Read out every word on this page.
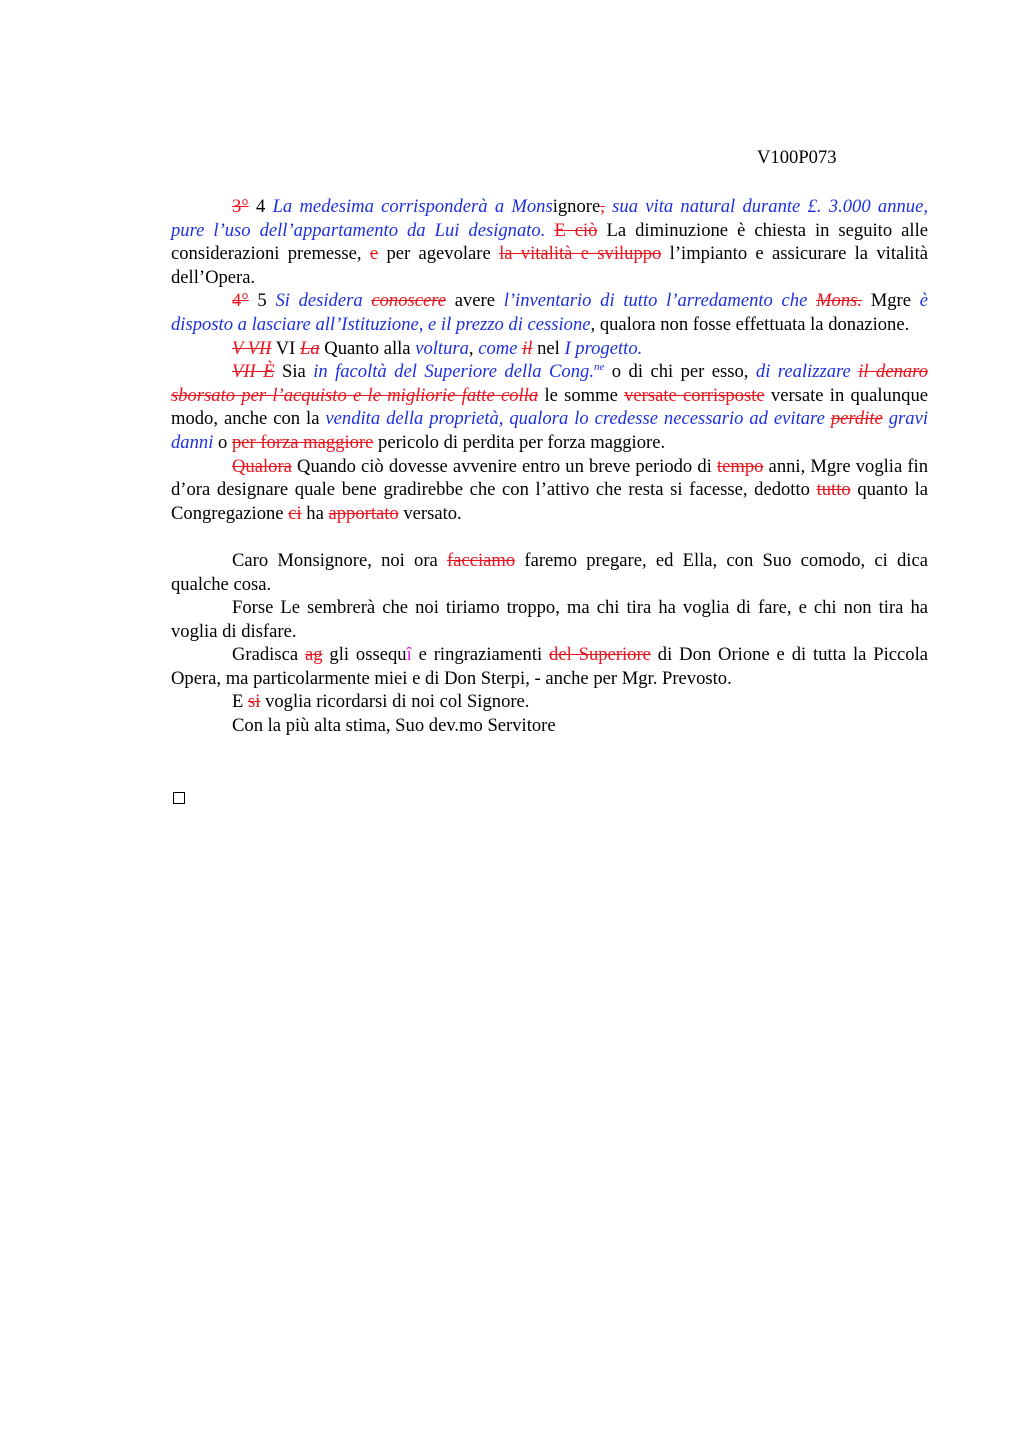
V100P073

3° 4 La medesima corrisponderà a Monsignore, sua vita natural durante £. 3.000 annue, pure l’uso dell’appartamento da Lui designato. E ciò La diminuzione è chiesta in seguito alle considerazioni premesse, e per agevolare la vitalità e sviluppo l’impianto e assicurare la vitalità dell’Opera.

4° 5 Si desidera conoscere avere l’inventario di tutto l’arredamento che Mons. Mgre è disposto a lasciare all’Istituzione, e il prezzo di cessione, qualora non fosse effettuata la donazione.

V VII VI La Quanto alla voltura, come il nel I progetto.

VII È Sia in facoltà del Superiore della Cong.$^{ne}$ o di chi per esso, di realizzare il denaro sborsato per l’acquisto e le migliorie fatte colla le somme versate corrisposte versate in qualunque modo, anche con la vendita della proprietà, qualora lo credesse necessario ad evitare perdite gravi danni o per forza maggiore pericolo di perdita per forza maggiore.

Qualora Quando ciò dovesse avvenire entro un breve periodo di tempo anni, Mgre voglia fin d’ora designare quale bene gradirebbe che con l’attivo che resta si facesse, dedotto tutto quanto la Congregazione ci ha apportato versato.

Caro Monsignore, noi ora facciamo faremo pregare, ed Ella, con Suo comodo, ci dica qualche cosa.

Forse Le sembrerà che noi tiriamo troppo, ma chi tira ha voglia di fare, e chi non tira ha voglia di disfare.

Gradisca ag gli ossequî e ringraziamenti del Superiore di Don Orione e di tutta la Piccola Opera, ma particolarmente miei e di Don Sterpi, - anche per Mgr. Prevosto.

E si voglia ricordarsi di noi col Signore.

Con la più alta stima, Suo dev.mo Servitore
